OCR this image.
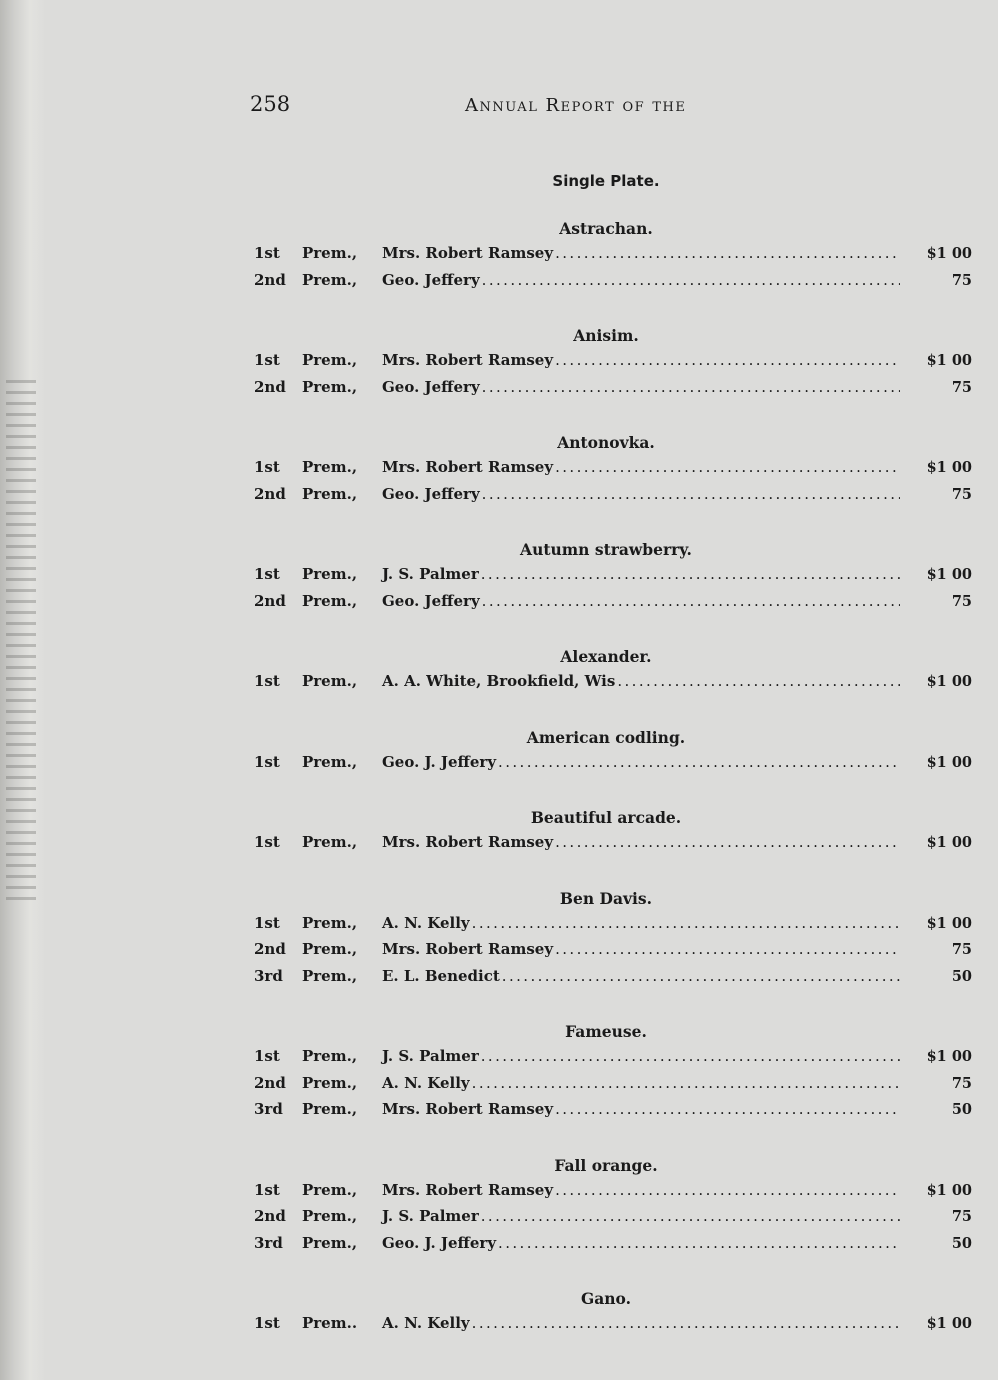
258	Annual Report of the
Single Plate.
Astrachan.
1st	Prem.,	Mrs. Robert Ramsey .....	$1 00
2nd	Prem.,	Geo. Jeffery .....	75
Anisim.
1st	Prem.,	Mrs. Robert Ramsey .....	$1 00
2nd	Prem.,	Geo. Jeffery .....	75
Antonovka.
1st	Prem.,	Mrs. Robert Ramsey .....	$1 00
2nd	Prem.,	Geo. Jeffery .....	75
Autumn strawberry.
1st	Prem.,	J. S. Palmer .....	$1 00
2nd	Prem.,	Geo. Jeffery .....	75
Alexander.
1st	Prem.,	A. A. White, Brookfield, Wis .....	$1 00
American codling.
1st	Prem.,	Geo. J. Jeffery .....	$1 00
Beautiful arcade.
1st	Prem.,	Mrs. Robert Ramsey .....	$1 00
Ben Davis.
1st	Prem.,	A. N. Kelly .....	$1 00
2nd	Prem.,	Mrs. Robert Ramsey .....	75
3rd	Prem.,	E. L. Benedict .....	50
Fameuse.
1st	Prem.,	J. S. Palmer .....	$1 00
2nd	Prem.,	A. N. Kelly .....	75
3rd	Prem.,	Mrs. Robert Ramsey .....	50
Fall orange.
1st	Prem.,	Mrs. Robert Ramsey .....	$1 00
2nd	Prem.,	J. S. Palmer .....	75
3rd	Prem.,	Geo. J. Jeffery .....	50
Gano.
1st	Prem..	A. N. Kelly .....	$1 00
